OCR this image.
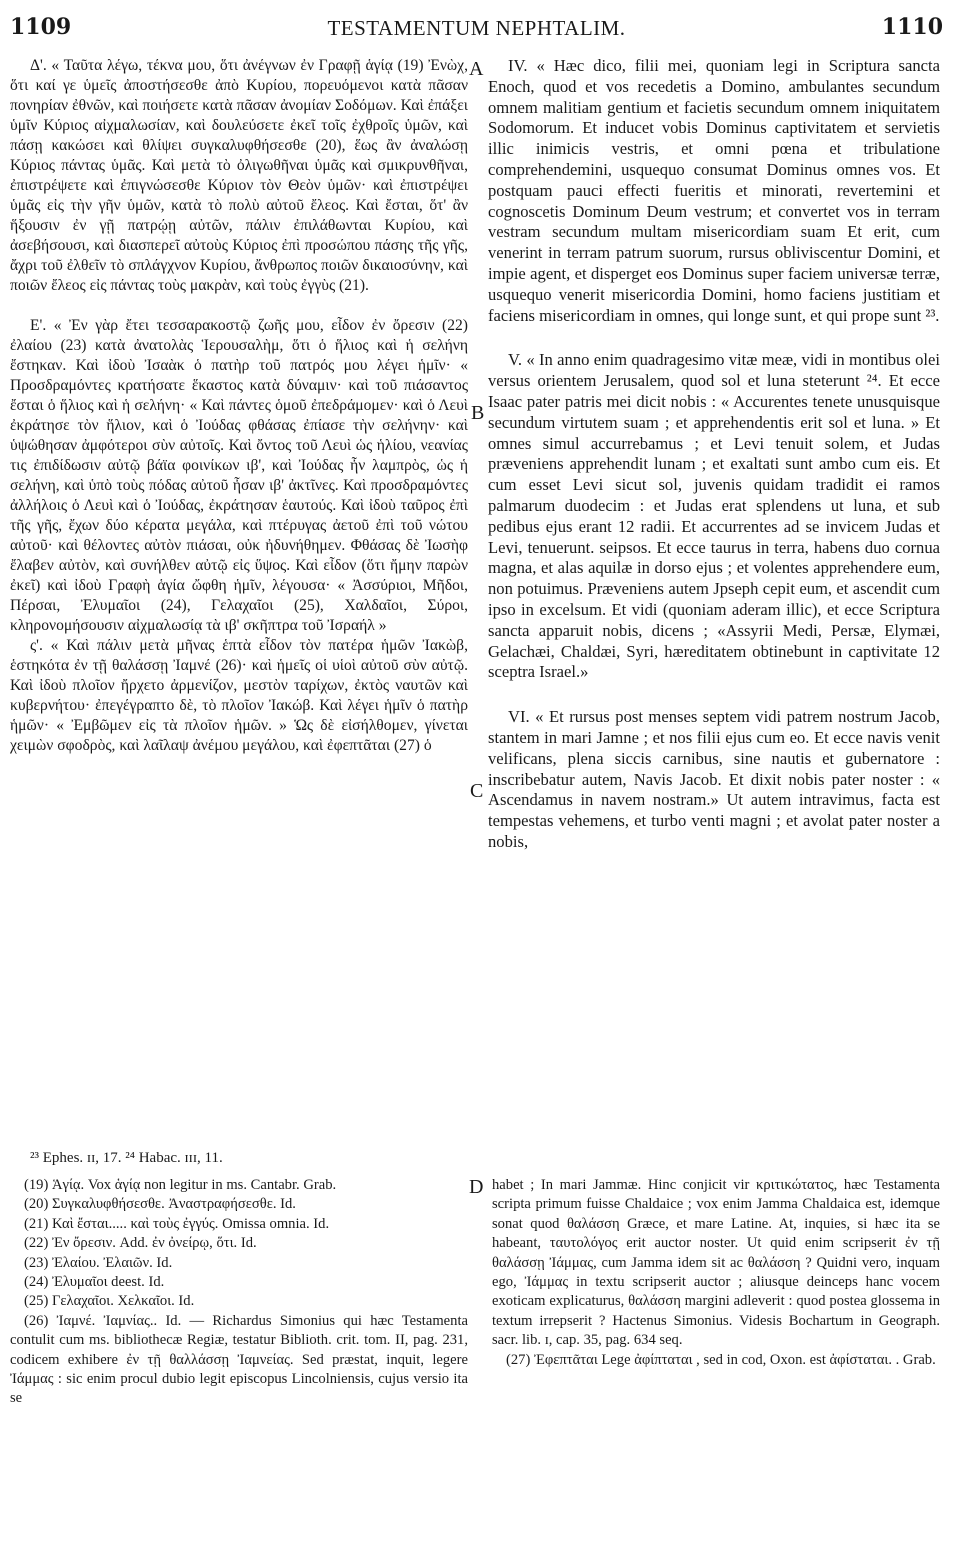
1109	TESTAMENTUM NEPHTALIM.	1110

Δ'. « Ταῦτα λέγω, τέκνα μου, ὅτι ἀνέγνων ἐν Γραφῇ ἁγίᾳ (19) Ἐνὼχ, ὅτι καί γε ὑμεῖς ἀποστήσεσθε ἀπὸ Κυρίου, πορευόμενοι κατὰ πᾶσαν πονηρίαν ἐθνῶν, καὶ ποιήσετε κατὰ πᾶσαν ἀνομίαν Σοδόμων. Καὶ ἐπάξει ὑμῖν Κύριος αἰχμαλωσίαν, καὶ δουλεύσετε ἐκεῖ τοῖς ἐχθροῖς ὑμῶν, καὶ πάσῃ κακώσει καὶ θλίψει συγκαλυφθήσεσθε (20), ἕως ἂν ἀναλώσῃ Κύριος πάντας ὑμᾶς. Καὶ μετὰ τὸ ὀλιγωθῆναι ὑμᾶς καὶ σμικρυνθῆναι, ἐπιστρέψετε καὶ ἐπιγνώσεσθε Κύριον τὸν Θεὸν ὑμῶν· καὶ ἐπιστρέψει ὑμᾶς εἰς τὴν γῆν ὑμῶν, κατὰ τὸ πολὺ αὐτοῦ ἔλεος. Καὶ ἔσται, ὅτ' ἂν ἥξουσιν ἐν γῇ πατρῴῃ αὐτῶν, πάλιν ἐπιλάθωνται Κυρίου, καὶ ἀσεβήσουσι, καὶ διασπερεῖ αὐτοὺς Κύριος ἐπὶ προσώπου πάσης τῆς γῆς, ἄχρι τοῦ ἐλθεῖν τὸ σπλάγχνον Κυρίου, ἄνθρωπος ποιῶν δικαιοσύνην, καὶ ποιῶν ἔλεος εἰς πάντας τοὺς μακρὰν, καὶ τοὺς ἐγγὺς (21).

Ε'. « Ἐν γὰρ ἔτει τεσσαρακοστῷ ζωῆς μου, εἶδον ἐν ὄρεσιν (22) ἐλαίου (23) κατὰ ἀνατολὰς Ἱερουσαλὴμ, ὅτι ὁ ἥλιος καὶ ἡ σελήνη ἔστηκαν. Καὶ ἰδοὺ Ἰσαὰκ ὁ πατὴρ τοῦ πατρός μου λέγει ἡμῖν· « Προσδραμόντες κρατήσατε ἕκαστος κατὰ δύναμιν· καὶ τοῦ πιάσαντος ἔσται ὁ ἥλιος καὶ ἡ σελήνη· « Καὶ πάντες ὁμοῦ ἐπεδράμομεν· καὶ ὁ Λευὶ ἐκράτησε τὸν ἥλιον, καὶ ὁ Ἰούδας φθάσας ἐπίασε τὴν σελήνην· καὶ ὑψώθησαν ἀμφότεροι σὺν αὐτοῖς. Καὶ ὄντος τοῦ Λευὶ ὡς ἡλίου, νεανίας τις ἐπιδίδωσιν αὐτῷ βάϊα φοινίκων ιβ', καὶ Ἰούδας ἦν λαμπρὸς, ὡς ἡ σελήνη, καὶ ὑπὸ τοὺς πόδας αὐτοῦ ἦσαν ιβ' ἀκτῖνες. Καὶ προσδραμόντες ἀλλήλοις ὁ Λευὶ καὶ ὁ Ἰούδας, ἐκράτησαν ἑαυτούς. Καὶ ἰδοὺ ταῦρος ἐπὶ τῆς γῆς, ἔχων δύο κέρατα μεγάλα, καὶ πτέρυγας ἀετοῦ ἐπὶ τοῦ νώτου αὐτοῦ· καὶ θέλοντες αὐτὸν πιάσαι, οὐκ ἠδυνήθημεν. Φθάσας δὲ Ἰωσὴφ ἔλαβεν αὐτὸν, καὶ συνήλθεν αὐτῷ εἰς ὕψος. Καὶ εἶδον (ὅτι ἤμην παρὼν ἐκεῖ) καὶ ἰδοὺ Γραφὴ ἁγία ὤφθη ἡμῖν, λέγουσα· « Ἀσσύριοι, Μῆδοι, Πέρσαι, Ἐλυμαῖοι (24), Γελαχαῖοι (25), Χαλδαῖοι, Σύροι, κληρονομήσουσιν αἰχμαλωσίᾳ τὰ ιβ' σκῆπτρα τοῦ Ἰσραήλ »

ς'. « Καὶ πάλιν μετὰ μῆνας ἑπτὰ εἶδον τὸν πατέρα ἡμῶν Ἰακὼβ, ἑστηκότα ἐν τῇ θαλάσσῃ Ἰαμνέ (26)· καὶ ἡμεῖς οἱ υἱοὶ αὐτοῦ σὺν αὐτῷ. Καὶ ἰδοὺ πλοῖον ἤρχετο ἀρμενίζον, μεστὸν ταρίχων, ἐκτὸς ναυτῶν καὶ κυβερνήτου· ἐπεγέγραπτο δὲ, τὸ πλοῖον Ἰακώβ. Καὶ λέγει ἡμῖν ὁ πατὴρ ἡμῶν· « Ἐμβῶμεν εἰς τὰ πλοῖον ἡμῶν. » Ὡς δὲ εἰσήλθομεν, γίνεται χειμὼν σφοδρὸς, καὶ λαῖλαψ ἀνέμου μεγάλου, καὶ ἐφεπτᾶται (27) ὁ

A
B
C
D

IV. « Hæc dico, filii mei, quoniam legi in Scriptura sancta Enoch, quod et vos recedetis a Domino, ambulantes secundum omnem malitiam gentium et facietis secundum omnem iniquitatem Sodomorum. Et inducet vobis Dominus captivitatem et servietis illic inimicis vestris, et omni pœna et tribulatione comprehendemini, usquequo consumat Dominus omnes vos. Et postquam pauci effecti fueritis et minorati, revertemini et cognoscetis Dominum Deum vestrum; et convertet vos in terram vestram secundum multam misericordiam suam Et erit, cum venerint in terram patrum suorum, rursus obliviscentur Domini, et impie agent, et disperget eos Dominus super faciem universæ terræ, usquequo venerit misericordia Domini, homo faciens justitiam et faciens misericordiam in omnes, qui longe sunt, et qui prope sunt ²³.

V. « In anno enim quadragesimo vitæ meæ, vidi in montibus olei versus orientem Jerusalem, quod sol et luna steterunt ²⁴. Et ecce Isaac pater patris mei dicit nobis : « Accurentes tenete unusquisque secundum virtutem suam ; et apprehendentis erit sol et luna. » Et omnes simul accurrebamus ; et Levi tenuit solem, et Judas præveniens apprehendit lunam ; et exaltati sunt ambo cum eis. Et cum esset Levi sicut sol, juvenis quidam tradidit ei ramos palmarum duodecim : et Judas erat splendens ut luna, et sub pedibus ejus erant 12 radii. Et accurrentes ad se invicem Judas et Levi, tenuerunt. seipsos. Et ecce taurus in terra, habens duo cornua magna, et alas aquilæ in dorso ejus ; et volentes apprehendere eum, non potuimus. Præveniens autem Jpseph cepit eum, et ascendit cum ipso in excelsum. Et vidi (quoniam aderam illic), et ecce Scriptura sancta apparuit nobis, dicens ; «Assyrii Medi, Persæ, Elymæi, Gelachæi, Chaldæi, Syri, hæreditatem obtinebunt in captivitate 12 sceptra Israel.»

VI. « Et rursus post menses septem vidi patrem nostrum Jacob, stantem in mari Jamne ; et nos filii ejus cum eo. Et ecce navis venit velificans, plena siccis carnibus, sine nautis et gubernatore : inscribebatur autem, Navis Jacob. Et dixit nobis pater noster : « Ascendamus in navem nostram.» Ut autem intravimus, facta est tempestas vehemens, et turbo venti magni ; et avolat pater noster a nobis,

²³ Ephes. ɪɪ, 17. ²⁴ Habac. ɪɪɪ, 11.

(19) Ἁγίᾳ. Vox ἁγίᾳ non legitur in ms. Cantabr. Grab.

(20) Συγκαλυφθήσεσθε. Ἀναστραφήσεσθε. Id.

(21) Καὶ ἔσται..... καὶ τοὺς ἐγγύς. Omissa omnia. Id.

(22) Ἐν ὄρεσιν. Add. ἐν ὀνείρῳ, ὅτι. Id.

(23) Ἐλαίου. Ἐλαιῶν. Id.

(24) Ἐλυμαῖοι deest. Id.

(25) Γελαχαῖοι. Χελκαῖοι. Id.

(26) Ἰαμνέ. Ἰαμνίας.. Id. — Richardus Simonius qui hæc Testamenta contulit cum ms. bibliothecæ Regiæ, testatur Biblioth. crit. tom. II, pag. 231, codicem exhibere ἐν τῇ θαλλάσσῃ Ἰαμνείας. Sed præstat, inquit, legere Ἰάμμας : sic enim procul dubio legit episcopus Lincolniensis, cujus versio ita se

habet ; In mari Jammæ. Hinc conjicit vir κριτικώτατος, hæc Testamenta scripta primum fuisse Chaldaice ; vox enim Jamma Chaldaica est, idemque sonat quod θαλάσση Græce, et mare Latine. At, inquies, si hæc ita se habeant, ταυτολόγος erit auctor noster. Ut quid enim scripserit ἐν τῇ θαλάσσῃ Ἰάμμας, cum Jamma idem sit ac θαλάσση ? Quidni vero, inquam ego, Ἰάμμας in textu scripserit auctor ; aliusque deinceps hanc vocem exoticam explicaturus, θαλάσση margini adleverit : quod postea glossema in textum irrepserit ? Hactenus Simonius. Videsis Bochartum in Geograph. sacr. lib. ɪ, cap. 35, pag. 634 seq.

(27) Ἐφεπτᾶται Lege ἀφίπταται , sed in cod, Oxon. est ἀφίσταται. . Grab.
